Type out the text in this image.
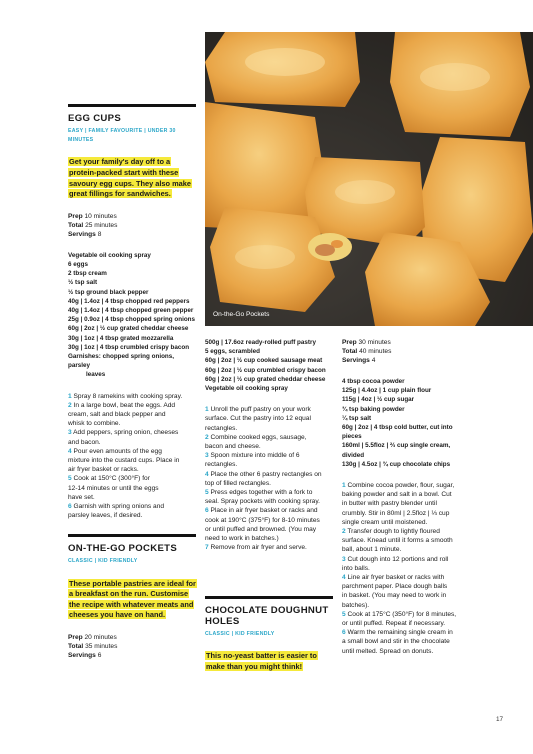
On-the-Go Pockets
EGG CUPS
EASY | FAMILY FAVOURITE | UNDER 30 MINUTES
Get your family's day off to a protein-packed start with these savoury egg cups. They also make great fillings for sandwiches.
Prep 10 minutes
Total 25 minutes
Servings 8
Vegetable oil cooking spray
6 eggs
2 tbsp cream
½ tsp salt
½ tsp ground black pepper
40g | 1.4oz | 4 tbsp chopped red peppers
40g | 1.4oz | 4 tbsp chopped green pepper
25g | 0.9oz | 4 tbsp chopped spring onions
60g | 2oz | ½ cup grated cheddar cheese
30g | 1oz | 4 tbsp grated mozzarella
30g | 1oz | 4 tbsp crumbled crispy bacon
Garnishes: chopped spring onions, parsley
leaves
1 Spray 8 ramekins with cooking spray.
2 In a large bowl, beat the eggs. Add
cream, salt and black pepper and
whisk to combine.
3 Add peppers, spring onion, cheeses
and bacon.
4 Pour even amounts of the egg
mixture into the custard cups. Place in
air fryer basket or racks.
5 Cook at 150°C (300°F) for
12-14 minutes or until the eggs
have set.
6 Garnish with spring onions and
parsley leaves, if desired.
ON-THE-GO POCKETS
CLASSIC | KID FRIENDLY
These portable pastries are ideal for a breakfast on the run. Customise the recipe with whatever meats and cheeses you have on hand.
Prep 20 minutes
Total 35 minutes
Servings 6
500g | 17.6oz ready-rolled puff pastry
5 eggs, scrambled
60g | 2oz | ½ cup cooked sausage meat
60g | 2oz | ½ cup crumbled crispy bacon
60g | 2oz | ½ cup grated cheddar cheese
Vegetable oil cooking spray
1 Unroll the puff pastry on your work
surface. Cut the pastry into 12 equal
rectangles.
2 Combine cooked eggs, sausage,
bacon and cheese.
3 Spoon mixture into middle of 6
rectangles.
4 Place the other 6 pastry rectangles on
top of filled rectangles.
5 Press edges together with a fork to
seal. Spray pockets with cooking spray.
6 Place in air fryer basket or racks and
cook at 190°C (375°F) for 8-10 minutes
or until puffed and browned. (You may
need to work in batches.)
7 Remove from air fryer and serve.
CHOCOLATE DOUGHNUT
HOLES
CLASSIC | KID FRIENDLY
This no-yeast batter is easier to make than you might think!
Prep 30 minutes
Total 40 minutes
Servings 4
4 tbsp cocoa powder
125g | 4.4oz | 1 cup plain flour
115g | 4oz | ½ cup sugar
¾ tsp baking powder
¼ tsp salt
60g | 2oz | 4 tbsp cold butter, cut into pieces
160ml | 5.5floz | ⅔ cup single cream, divided
130g | 4.5oz | ¾ cup chocolate chips
1 Combine cocoa powder, flour, sugar,
baking powder and salt in a bowl. Cut
in butter with pastry blender until
crumbly. Stir in 80ml | 2.5floz | ⅓ cup
single cream until moistened.
2 Transfer dough to lightly floured
surface. Knead until it forms a smooth
ball, about 1 minute.
3 Cut dough into 12 portions and roll
into balls.
4 Line air fryer basket or racks with
parchment paper. Place dough balls
in basket. (You may need to work in
batches).
5 Cook at 175°C (350°F) for 8 minutes,
or until puffed. Repeat if necessary.
6 Warm the remaining single cream in
a small bowl and stir in the chocolate
until melted. Spread on donuts.
17
